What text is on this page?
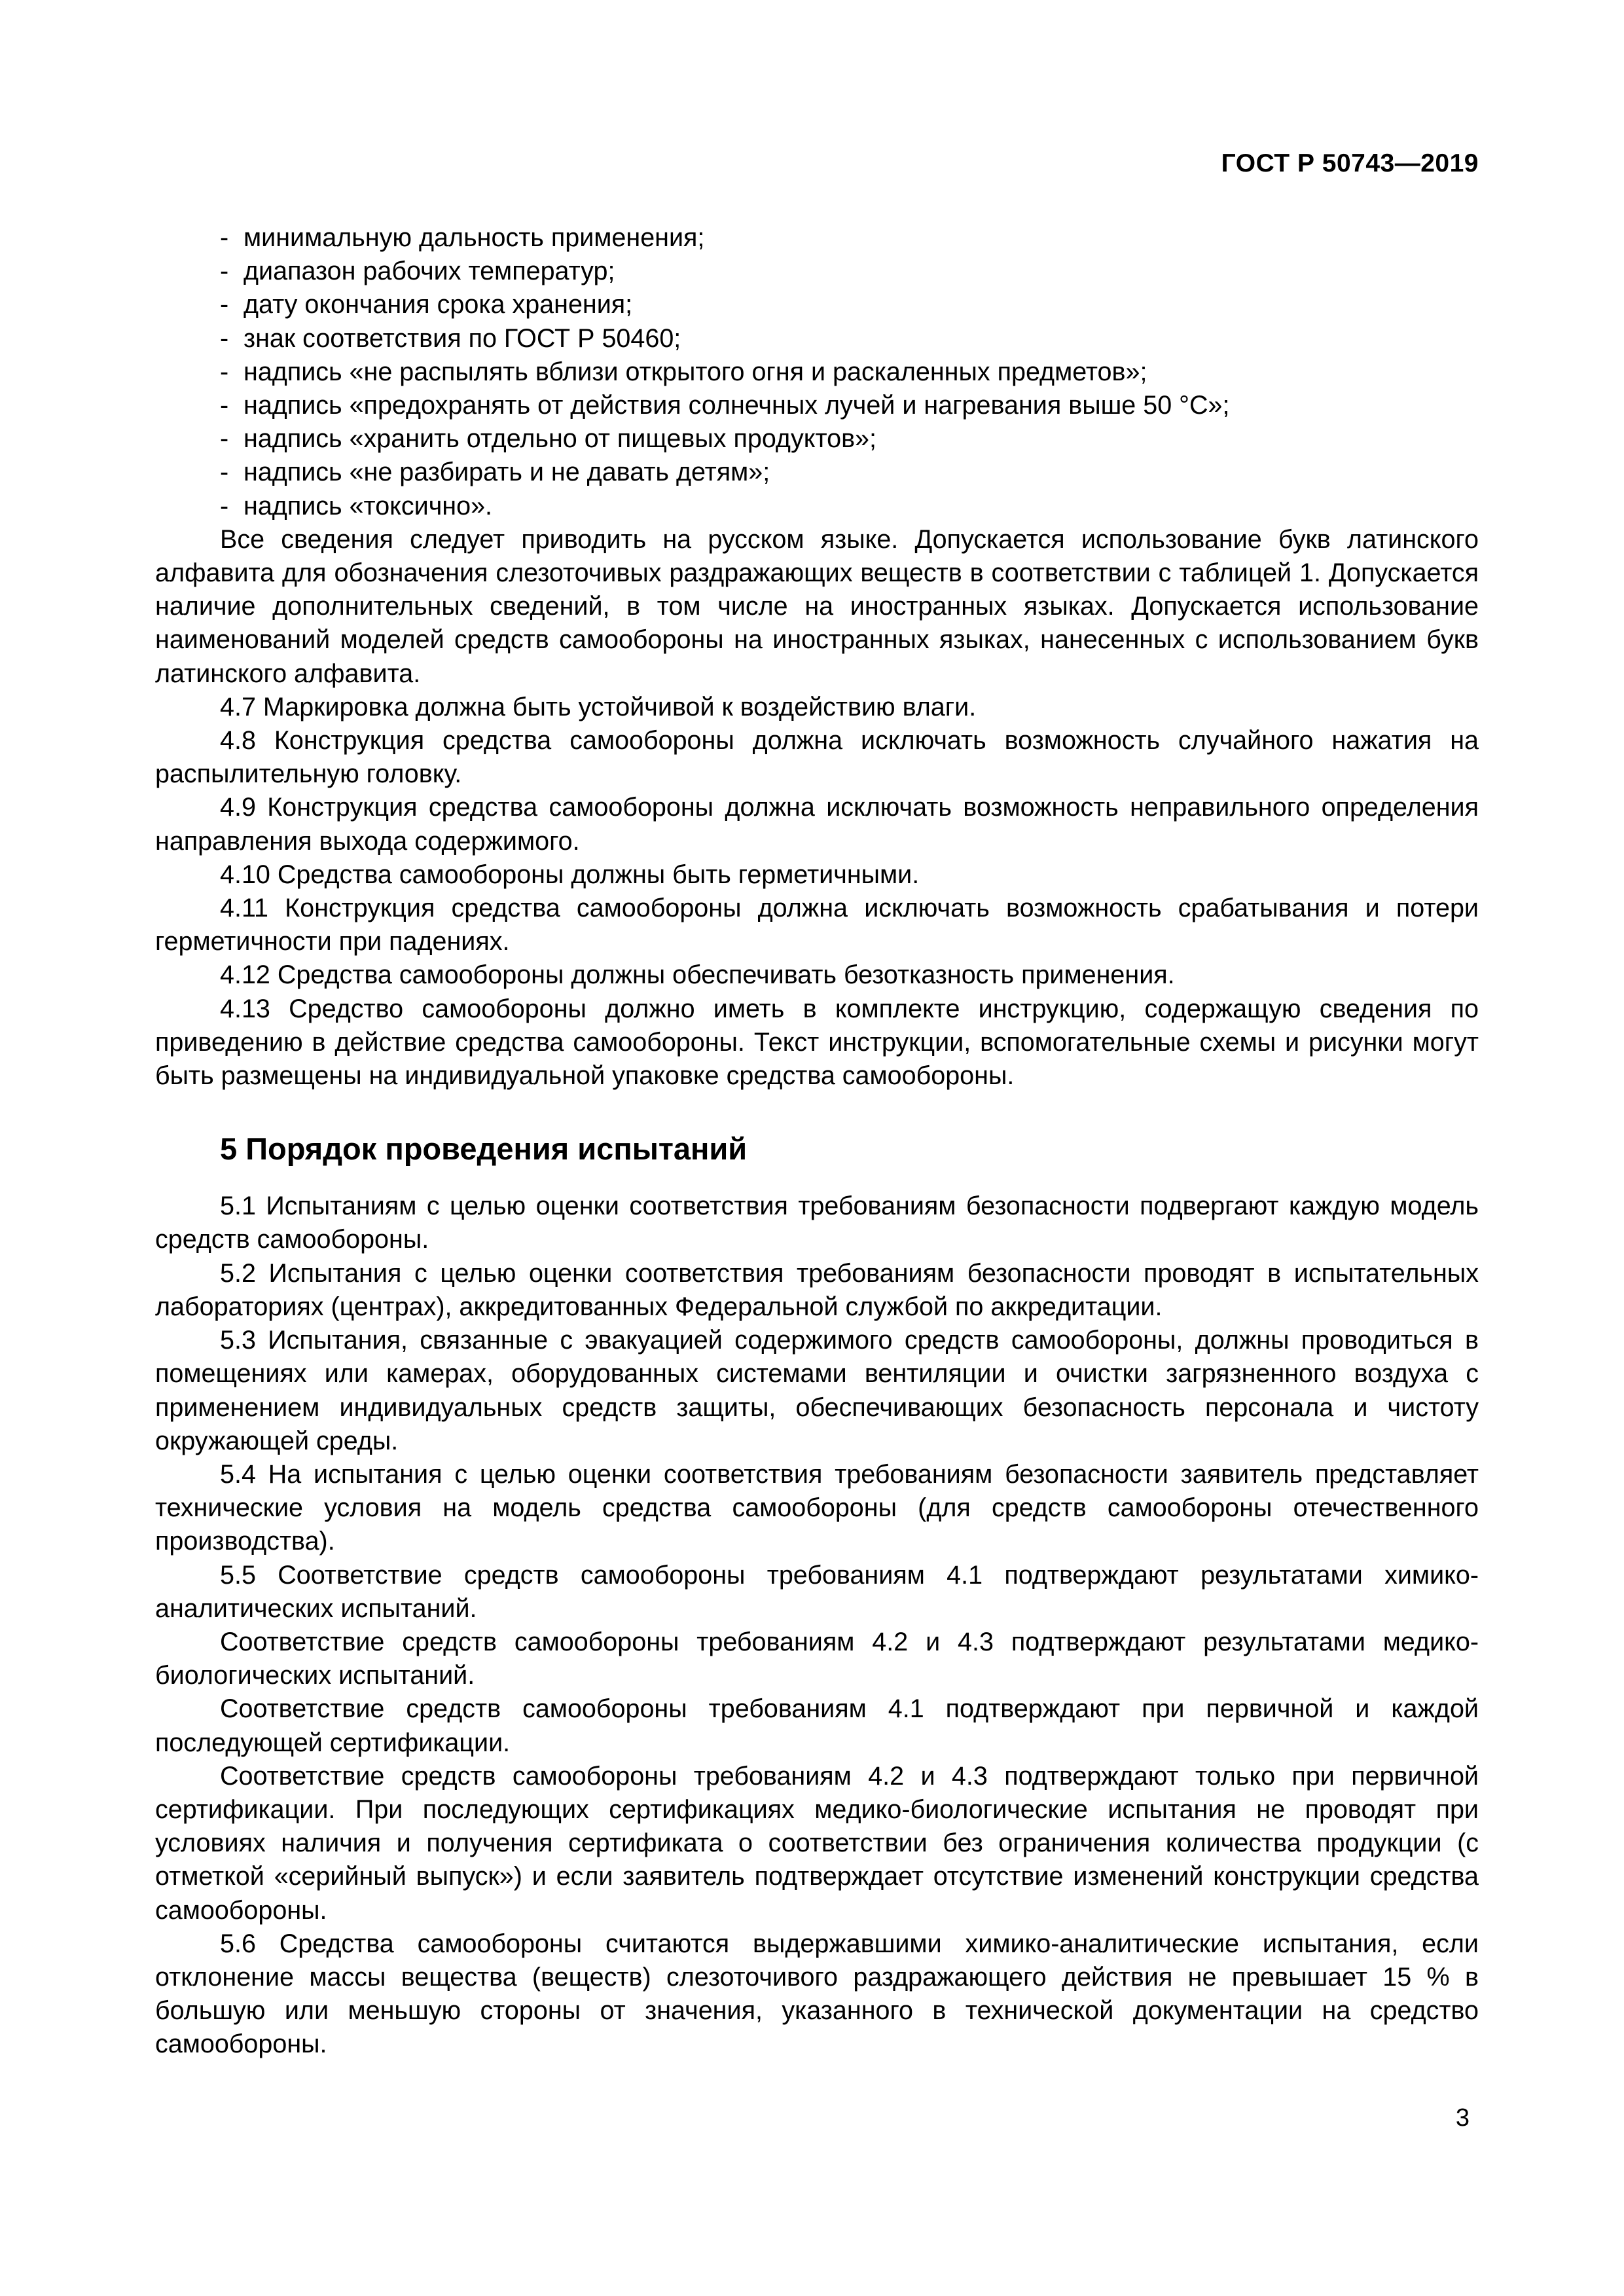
ГОСТ Р 50743—2019
- минимальную дальность применения;
- диапазон рабочих температур;
- дату окончания срока хранения;
- знак соответствия по ГОСТ Р 50460;
- надпись «не распылять вблизи открытого огня и раскаленных предметов»;
- надпись «предохранять от действия солнечных лучей и нагревания выше 50 °С»;
- надпись «хранить отдельно от пищевых продуктов»;
- надпись «не разбирать и не давать детям»;
- надпись «токсично».

Все сведения следует приводить на русском языке. Допускается использование букв латинского алфавита для обозначения слезоточивых раздражающих веществ в соответствии с таблицей 1. Допускается наличие дополнительных сведений, в том числе на иностранных языках. Допускается использование наименований моделей средств самообороны на иностранных языках, нанесенных с использованием букв латинского алфавита.

4.7 Маркировка должна быть устойчивой к воздействию влаги.

4.8 Конструкция средства самообороны должна исключать возможность случайного нажатия на распылительную головку.

4.9 Конструкция средства самообороны должна исключать возможность неправильного определения направления выхода содержимого.

4.10 Средства самообороны должны быть герметичными.

4.11 Конструкция средства самообороны должна исключать возможность срабатывания и потери герметичности при падениях.

4.12 Средства самообороны должны обеспечивать безотказность применения.

4.13 Средство самообороны должно иметь в комплекте инструкцию, содержащую сведения по приведению в действие средства самообороны. Текст инструкции, вспомогательные схемы и рисунки могут быть размещены на индивидуальной упаковке средства самообороны.

5 Порядок проведения испытаний

5.1 Испытаниям с целью оценки соответствия требованиям безопасности подвергают каждую модель средств самообороны.

5.2 Испытания с целью оценки соответствия требованиям безопасности проводят в испытательных лабораториях (центрах), аккредитованных Федеральной службой по аккредитации.

5.3 Испытания, связанные с эвакуацией содержимого средств самообороны, должны проводиться в помещениях или камерах, оборудованных системами вентиляции и очистки загрязненного воздуха с применением индивидуальных средств защиты, обеспечивающих безопасность персонала и чистоту окружающей среды.

5.4 На испытания с целью оценки соответствия требованиям безопасности заявитель представляет технические условия на модель средства самообороны (для средств самообороны отечественного производства).

5.5 Соответствие средств самообороны требованиям 4.1 подтверждают результатами химико-аналитических испытаний.

Соответствие средств самообороны требованиям 4.2 и 4.3 подтверждают результатами медико-биологических испытаний.

Соответствие средств самообороны требованиям 4.1 подтверждают при первичной и каждой последующей сертификации.

Соответствие средств самообороны требованиям 4.2 и 4.3 подтверждают только при первичной сертификации. При последующих сертификациях медико-биологические испытания не проводят при условиях наличия и получения сертификата о соответствии без ограничения количества продукции (с отметкой «серийный выпуск») и если заявитель подтверждает отсутствие изменений конструкции средства самообороны.

5.6 Средства самообороны считаются выдержавшими химико-аналитические испытания, если отклонение массы вещества (веществ) слезоточивого раздражающего действия не превышает 15 % в большую или меньшую стороны от значения, указанного в технической документации на средство самообороны.

3
